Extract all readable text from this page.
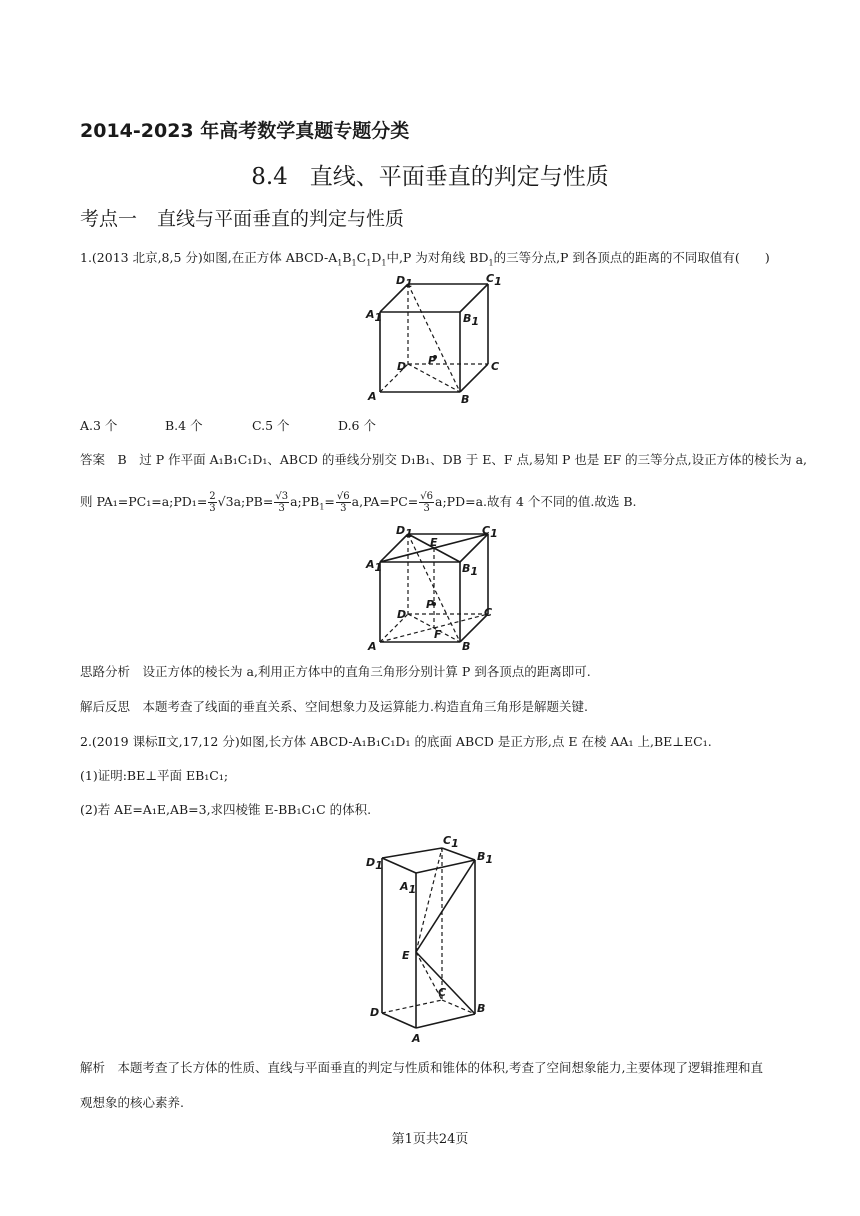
2014-2023 年高考数学真题专题分类
8.4 直线、平面垂直的判定与性质
考点一 直线与平面垂直的判定与性质
1.(2013 北京,8,5 分)如图,在正方体 ABCD-$A_1B_1C_1D_1$中,P 为对角线 $BD_1$的三等分点,P 到各顶点的距离的不同取值有(　　)
D1	C1
A1	B1
P
D	C
A	B
A.3 个	B.4 个	C.5 个	D.6 个
答案　 B　 过 P 作平面 A₁B₁C₁D₁、ABCD 的垂线分别交 D₁B₁、DB 于 E、F 点,易知 P 也是 EF 的三等分点,设正方体的棱长为 a,
则 PA₁=PC₁=a;PD₁= $\frac{2}{3}$ √3a;PB= $\frac{√3}{3}$ $a;PB_1= \frac{√6}{3} a,PA=PC= \frac{√6}{3}$ a;PD=a.故有 4 个不同的值.故选 B.
D1	C1
E
A1	B1
P
D	C
F
A	B
思路分析　 设正方体的棱长为 a,利用正方体中的直角三角形分别计算 P 到各顶点的距离即可.
解后反思　 本题考查了线面的垂直关系、空间想象力及运算能力.构造直角三角形是解题关键.
2.(2019 课标Ⅱ文,17,12 分)如图,长方体 ABCD-A₁B₁C₁D₁ 的底面 ABCD 是正方形,点 E 在棱 AA₁ 上,BE⊥EC₁.
(1)证明:BE⊥平面 EB₁C₁;
(2)若 AE=A₁E,AB=3,求四棱锥 E-BB₁C₁C 的体积.
D1
C1
B1
A1
E
C
D	B
A
解析　 本题考查了长方体的性质、直线与平面垂直的判定与性质和锥体的体积,考查了空间想象能力,主要体现了逻辑推理和直
观想象的核心素养.
第1页共24页
